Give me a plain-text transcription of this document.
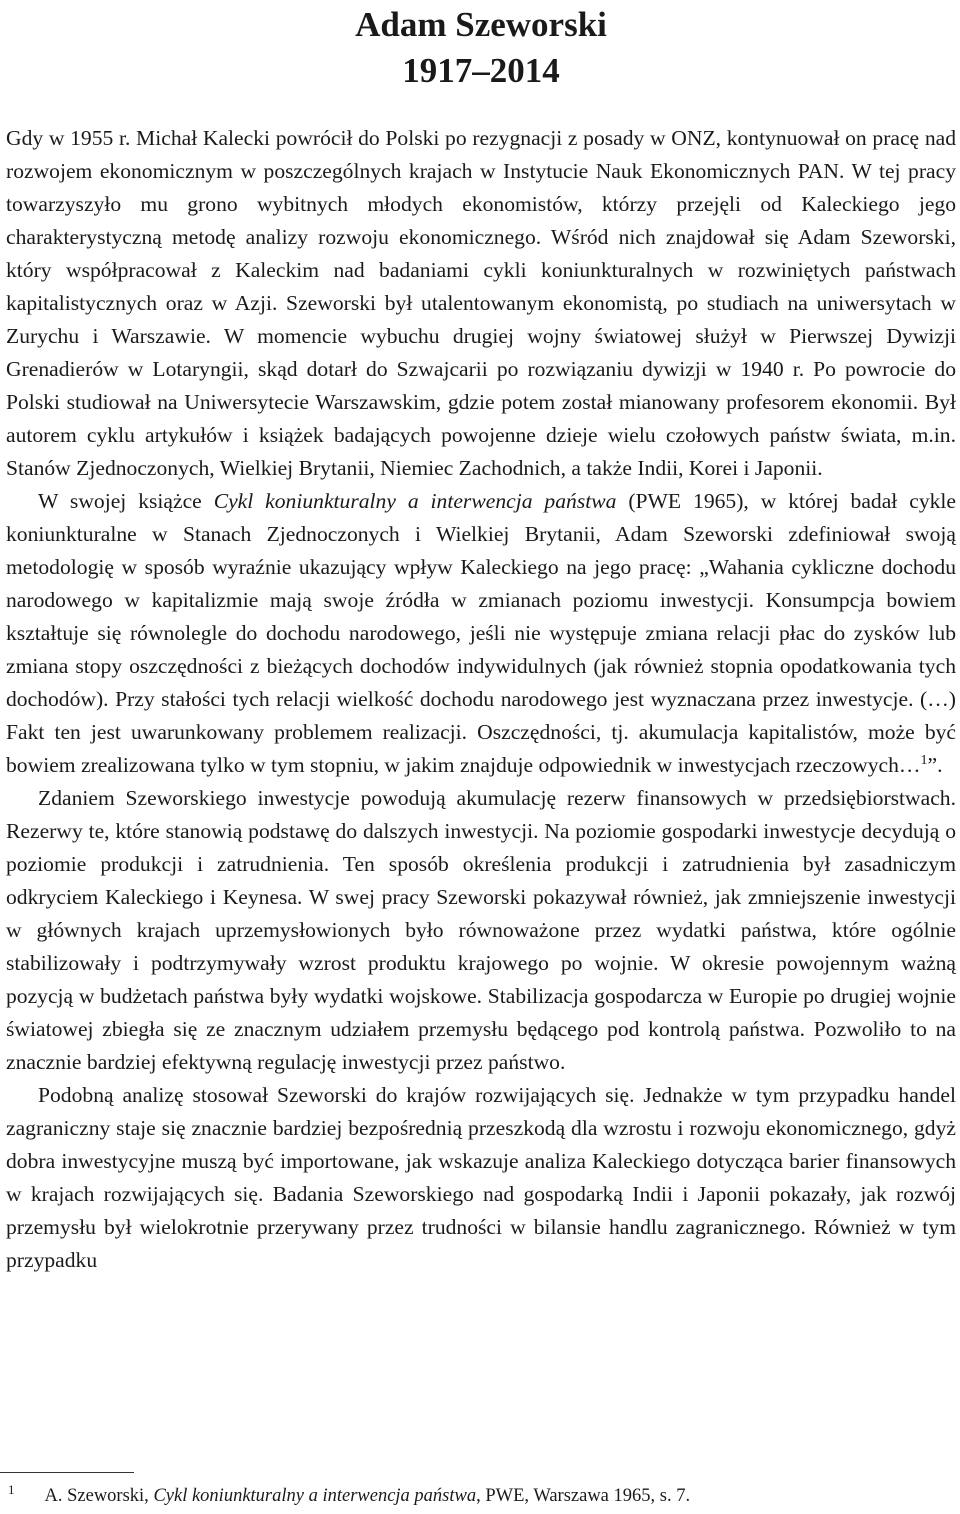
Adam Szeworski
1917–2014

Gdy w 1955 r. Michał Kalecki powrócił do Polski po rezygnacji z posady w ONZ, kontynuował on pracę nad rozwojem ekonomicznym w poszczególnych krajach w Instytucie Nauk Ekonomicznych PAN. W tej pracy towarzyszyło mu grono wybitnych młodych ekonomistów, którzy przejęli od Kaleckiego jego charakterystyczną metodę analizy rozwoju ekonomicznego. Wśród nich znajdował się Adam Szeworski, który współpracował z Kaleckim nad badaniami cykli koniunkturalnych w rozwiniętych państwach kapitalistycznych oraz w Azji. Szeworski był utalentowanym ekonomistą, po studiach na uniwersytach w Zurychu i Warszawie. W momencie wybuchu drugiej wojny światowej służył w Pierwszej Dywizji Grenadierów w Lotaryngii, skąd dotarł do Szwajcarii po rozwiązaniu dywizji w 1940 r. Po powrocie do Polski studiował na Uniwersytecie Warszawskim, gdzie potem został mianowany profesorem ekonomii. Był autorem cyklu artykułów i książek badających powojenne dzieje wielu czołowych państw świata, m.in. Stanów Zjednoczonych, Wielkiej Brytanii, Niemiec Zachodnich, a także Indii, Korei i Japonii.

W swojej książce Cykl koniunkturalny a interwencja państwa (PWE 1965), w której badał cykle koniunkturalne w Stanach Zjednoczonych i Wielkiej Brytanii, Adam Szeworski zdefiniował swoją metodologię w sposób wyraźnie ukazujący wpływ Kaleckiego na jego pracę: „Wahania cykliczne dochodu narodowego w kapitalizmie mają swoje źródła w zmianach poziomu inwestycji. Konsumpcja bowiem kształtuje się równolegle do dochodu narodowego, jeśli nie występuje zmiana relacji płac do zysków lub zmiana stopy oszczędności z bieżących dochodów indywidulnych (jak również stopnia opodatkowania tych dochodów). Przy stałości tych relacji wielkość dochodu narodowego jest wyznaczana przez inwestycje. (…) Fakt ten jest uwarunkowany problemem realizacji. Oszczędności, tj. akumulacja kapitalistów, może być bowiem zrealizowana tylko w tym stopniu, w jakim znajduje odpowiednik w inwestycjach rzeczowych…$^1$”.

Zdaniem Szeworskiego inwestycje powodują akumulację rezerw finansowych w przedsiębiorstwach. Rezerwy te, które stanowią podstawę do dalszych inwestycji. Na poziomie gospodarki inwestycje decydują o poziomie produkcji i zatrudnienia. Ten sposób określenia produkcji i zatrudnienia był zasadniczym odkryciem Kaleckiego i Keynesa. W swej pracy Szeworski pokazywał również, jak zmniejszenie inwestycji w głównych krajach uprzemysłowionych było równoważone przez wydatki państwa, które ogólnie stabilizowały i podtrzymywały wzrost produktu krajowego po wojnie. W okresie powojennym ważną pozycją w budżetach państwa były wydatki wojskowe. Stabilizacja gospodarcza w Europie po drugiej wojnie światowej zbiegła się ze znacznym udziałem przemysłu będącego pod kontrolą państwa. Pozwoliło to na znacznie bardziej efektywną regulację inwestycji przez państwo.

Podobną analizę stosował Szeworski do krajów rozwijających się. Jednakże w tym przypadku handel zagraniczny staje się znacznie bardziej bezpośrednią przeszkodą dla wzrostu i rozwoju ekonomicznego, gdyż dobra inwestycyjne muszą być importowane, jak wskazuje analiza Kaleckiego dotycząca barier finansowych w krajach rozwijających się. Badania Szeworskiego nad gospodarką Indii i Japonii pokazały, jak rozwój przemysłu był wielokrotnie przerywany przez trudności w bilansie handlu zagranicznego. Również w tym przypadku

$^1$ A. Szeworski, Cykl koniunkturalny a interwencja państwa, PWE, Warszawa 1965, s. 7.
